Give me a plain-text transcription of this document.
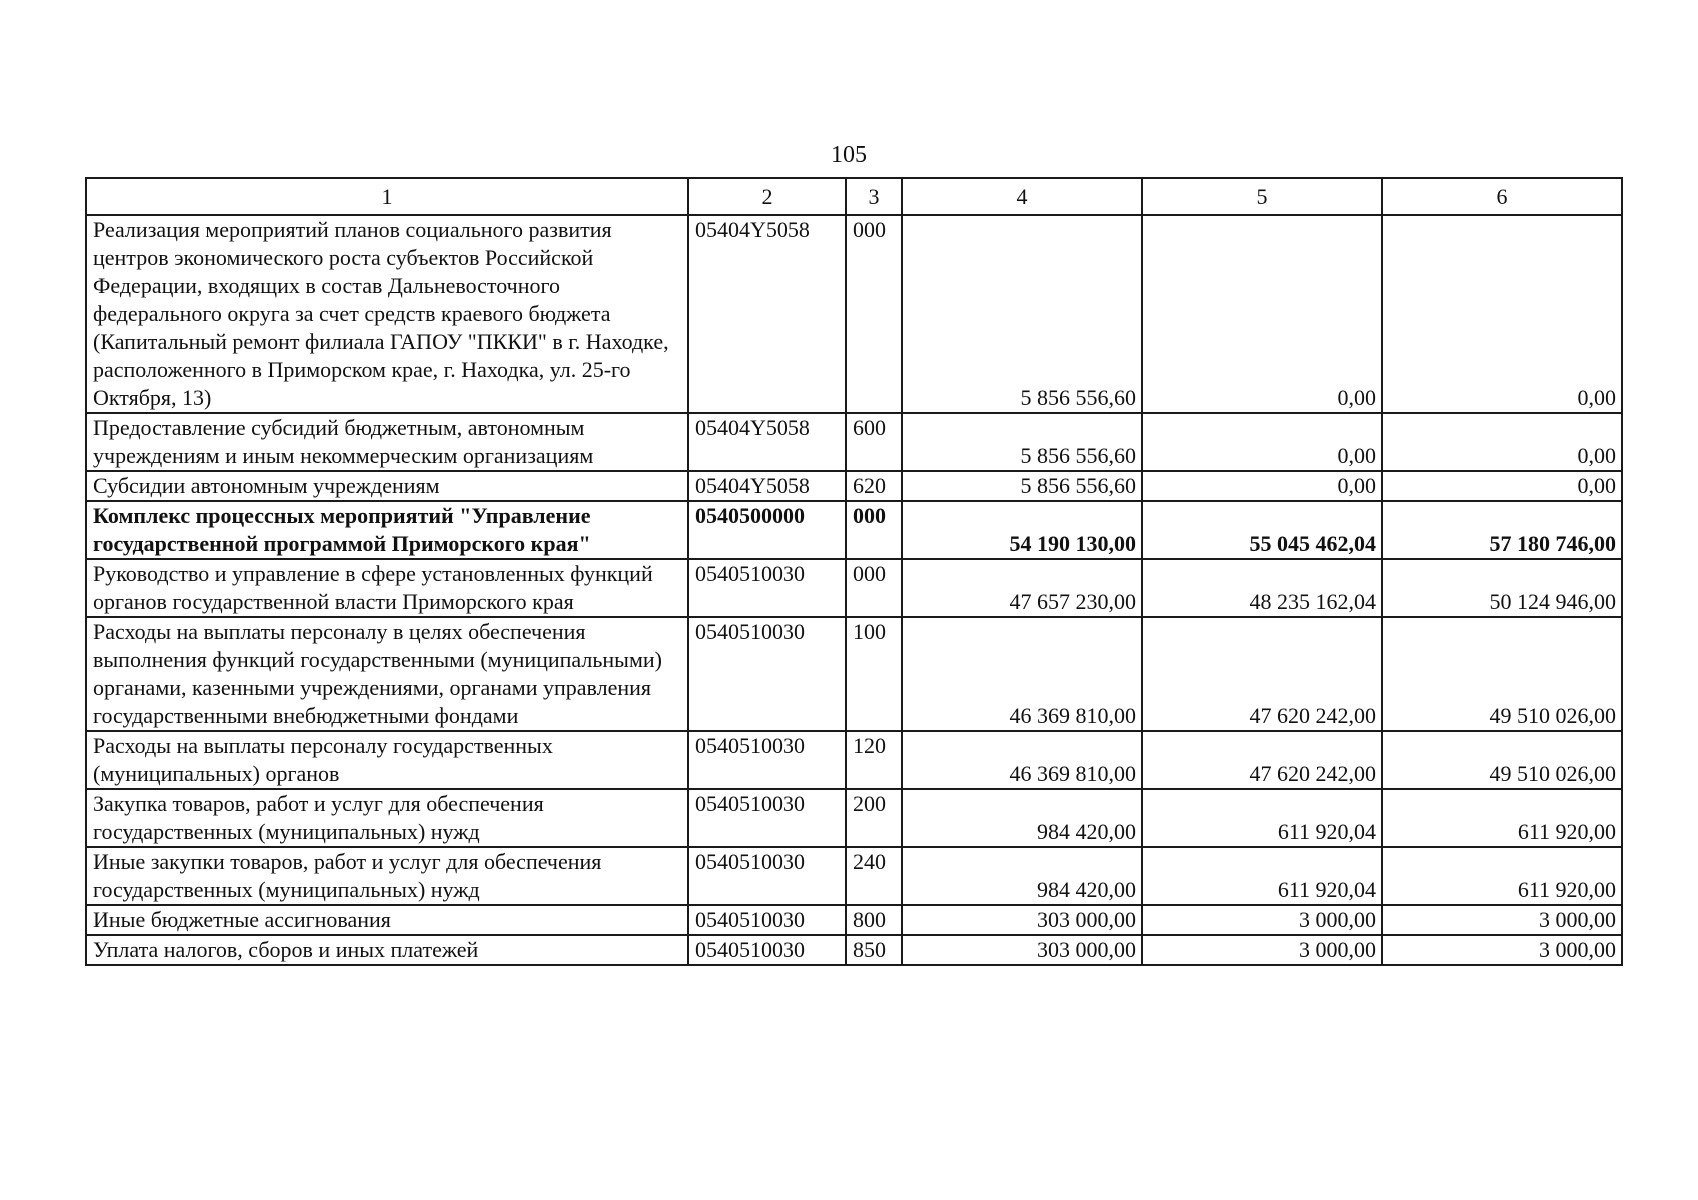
105
1	2	3	4	5	6
Реализация мероприятий планов социального развития центров экономического роста субъектов Российской Федерации, входящих в состав Дальневосточного федерального округа за счет средств краевого бюджета (Капитальный ремонт филиала ГАПОУ "ПККИ" в г. Находке, расположенного в Приморском крае, г. Находка, ул. 25-го Октября, 13)	05404Y5058	000	5 856 556,60	0,00	0,00
Предоставление субсидий бюджетным, автономным учреждениям и иным некоммерческим организациям	05404Y5058	600	5 856 556,60	0,00	0,00
Субсидии автономным учреждениям	05404Y5058	620	5 856 556,60	0,00	0,00
Комплекс процессных мероприятий "Управление государственной программой Приморского края"	0540500000	000	54 190 130,00	55 045 462,04	57 180 746,00
Руководство и управление в сфере установленных функций органов государственной власти Приморского края	0540510030	000	47 657 230,00	48 235 162,04	50 124 946,00
Расходы на выплаты персоналу в целях обеспечения выполнения функций государственными (муниципальными) органами, казенными учреждениями, органами управления государственными внебюджетными фондами	0540510030	100	46 369 810,00	47 620 242,00	49 510 026,00
Расходы на выплаты персоналу государственных (муниципальных) органов	0540510030	120	46 369 810,00	47 620 242,00	49 510 026,00
Закупка товаров, работ и услуг для обеспечения государственных (муниципальных) нужд	0540510030	200	984 420,00	611 920,04	611 920,00
Иные закупки товаров, работ и услуг для обеспечения государственных (муниципальных) нужд	0540510030	240	984 420,00	611 920,04	611 920,00
Иные бюджетные ассигнования	0540510030	800	303 000,00	3 000,00	3 000,00
Уплата налогов, сборов и иных платежей	0540510030	850	303 000,00	3 000,00	3 000,00
